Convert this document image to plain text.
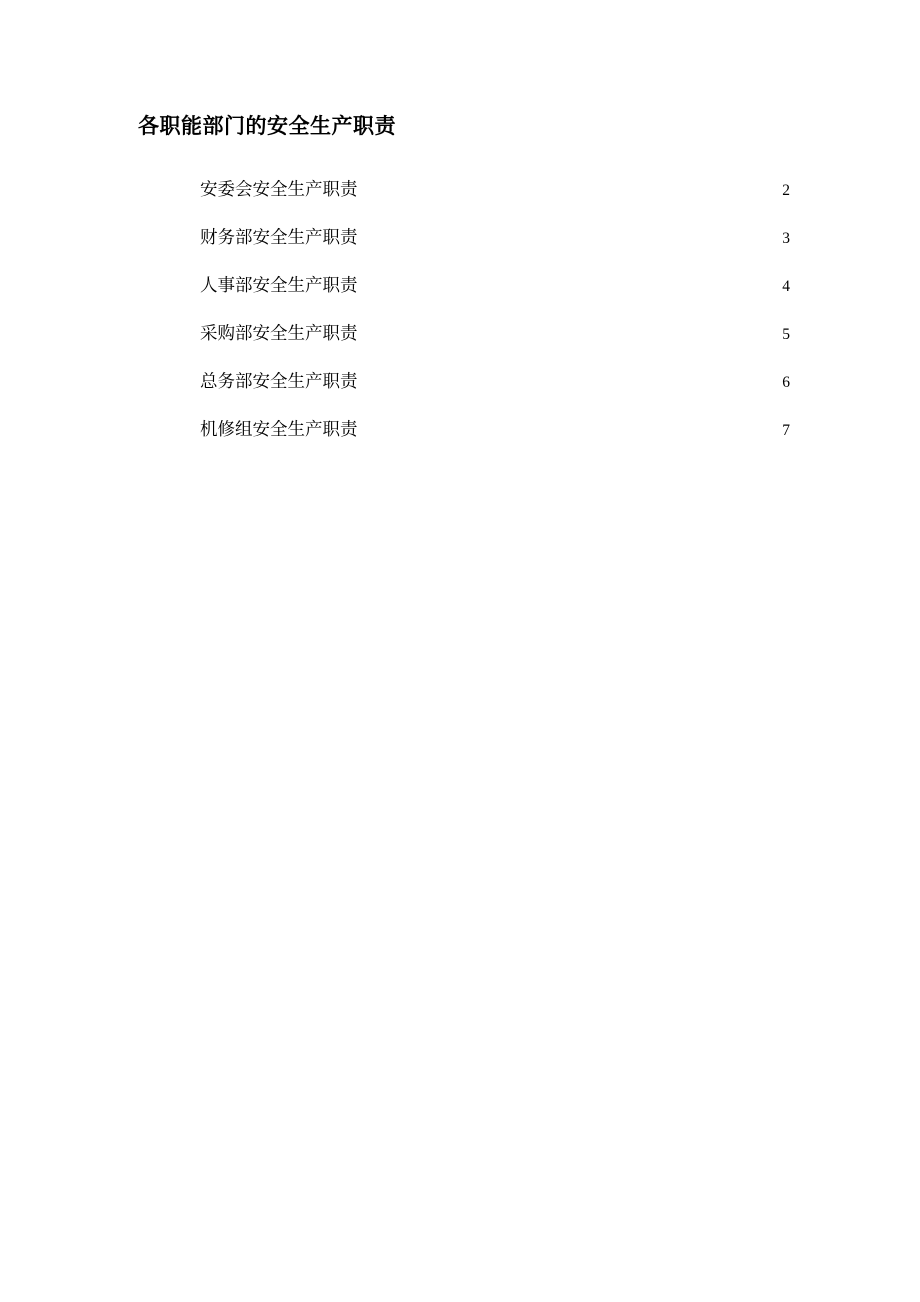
各职能部门的安全生产职责
安委会安全生产职责 .....	2
财务部安全生产职责 .....	3
人事部安全生产职责 .....	4
采购部安全生产职责 .....	5
总务部安全生产职责 .....	6
机修组安全生产职责 .....	7
